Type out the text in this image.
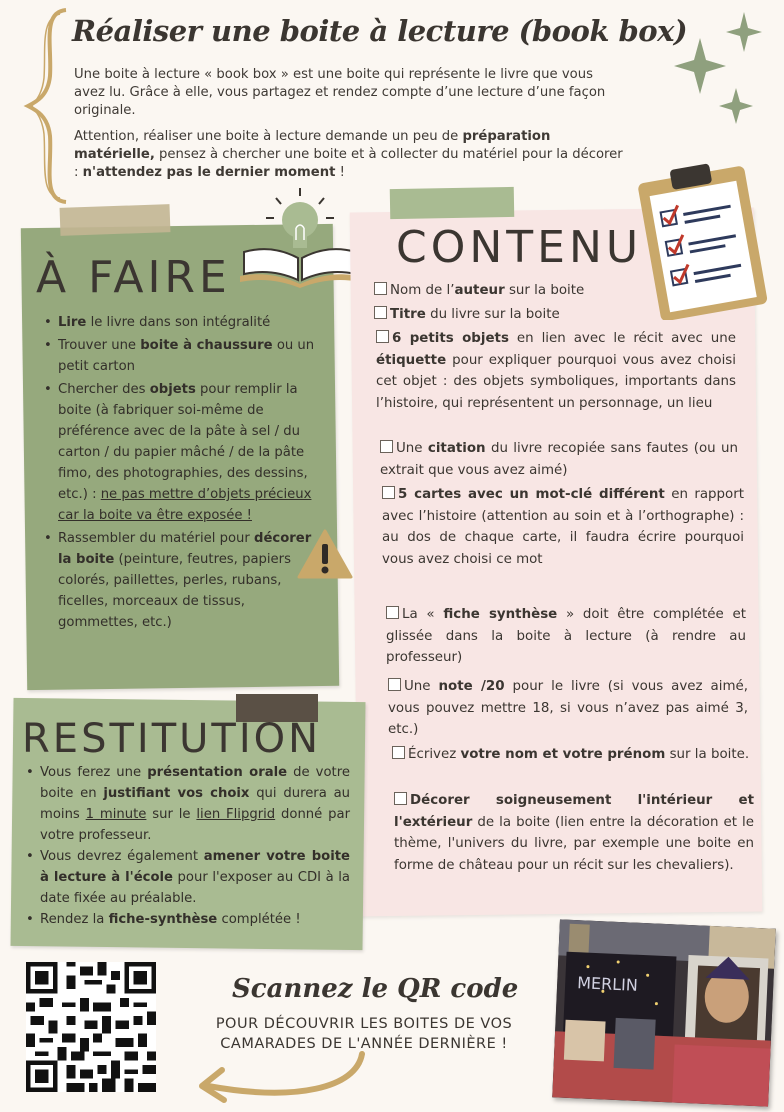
Réaliser une boite à lecture (book box)

Une boite à lecture « book box » est une boite qui représente le livre que vous avez lu. Grâce à elle, vous partagez et rendez compte d’une lecture d’une façon originale.

Attention, réaliser une boite à lecture demande un peu de préparation matérielle, pensez à chercher une boite et à collecter du matériel pour la décorer : n'attendez pas le dernier moment !

À FAIRE
• Lire le livre dans son intégralité
• Trouver une boite à chaussure ou un petit carton
• Chercher des objets pour remplir la boite (à fabriquer soi-même de préférence avec de la pâte à sel / du carton / du papier mâché / de la pâte fimo, des photographies, des dessins, etc.) : ne pas mettre d’objets précieux car la boite va être exposée !
• Rassembler du matériel pour décorer la boite (peinture, feutres, papiers colorés, paillettes, perles, rubans, ficelles, morceaux de tissus, gommettes, etc.)
CONTENU
Nom de l’auteur sur la boite
Titre du livre sur la boite
6 petits objets en lien avec le récit avec une étiquette pour expliquer pourquoi vous avez choisi cet objet : des objets symboliques, importants dans l’histoire, qui représentent un personnage, un lieu
Une citation du livre recopiée sans fautes (ou un extrait que vous avez aimé)
5 cartes avec un mot-clé différent en rapport avec l’histoire (attention au soin et à l’orthographe) : au dos de chaque carte, il faudra écrire pourquoi vous avez choisi ce mot
La « fiche synthèse » doit être complétée et glissée dans la boite à lecture (à rendre au professeur)
Une note /20 pour le livre (si vous avez aimé, vous pouvez mettre 18, si vous n’avez pas aimé 3, etc.)
Écrivez votre nom et votre prénom sur la boite.
Décorer soigneusement l'intérieur et l'extérieur de la boite (lien entre la décoration et le thème, l'univers du livre, par exemple une boite en forme de château pour un récit sur les chevaliers).
RESTITUTION
• Vous ferez une présentation orale de votre boite en justifiant vos choix qui durera au moins 1 minute sur le lien Flipgrid donné par votre professeur.
• Vous devrez également amener votre boite à lecture à l'école pour l'exposer au CDI à la date fixée au préalable.
• Rendez la fiche-synthèse complétée !
Scannez le QR code
POUR DÉCOUVRIR LES BOITES DE VOS CAMARADES DE L'ANNÉE DERNIÈRE !
MERLIN
